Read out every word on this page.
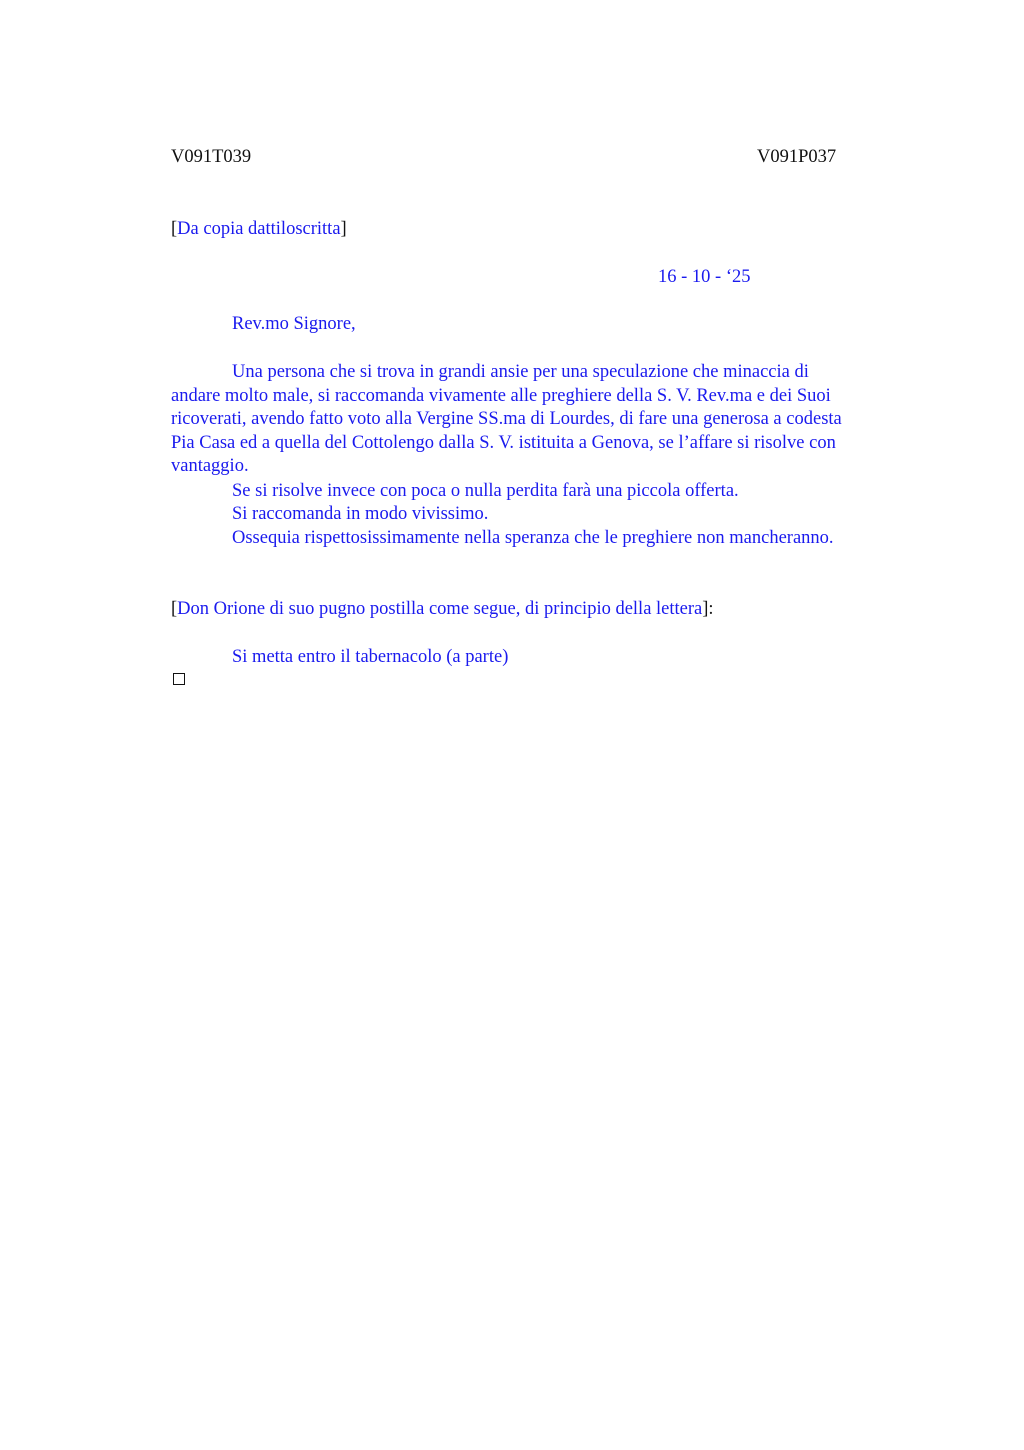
V091T039	V091P037
[Da copia dattiloscritta]
16 - 10 - ‘25
Rev.mo Signore,
Una persona che si trova in grandi ansie per una speculazione che minaccia di
andare molto male, si raccomanda vivamente alle preghiere della S. V. Rev.ma e dei Suoi
ricoverati, avendo fatto voto alla Vergine SS.ma di Lourdes, di fare una generosa a codesta
Pia Casa ed a quella del Cottolengo dalla S. V. istituita a Genova, se l’affare si risolve con
vantaggio.
Se si risolve invece con poca o nulla perdita farà una piccola offerta.
Si raccomanda in modo vivissimo.
Ossequia rispettosissimamente nella speranza che le preghiere non mancheranno.
[Don Orione di suo pugno postilla come segue, di principio della lettera]:
Si metta entro il tabernacolo (a parte)
